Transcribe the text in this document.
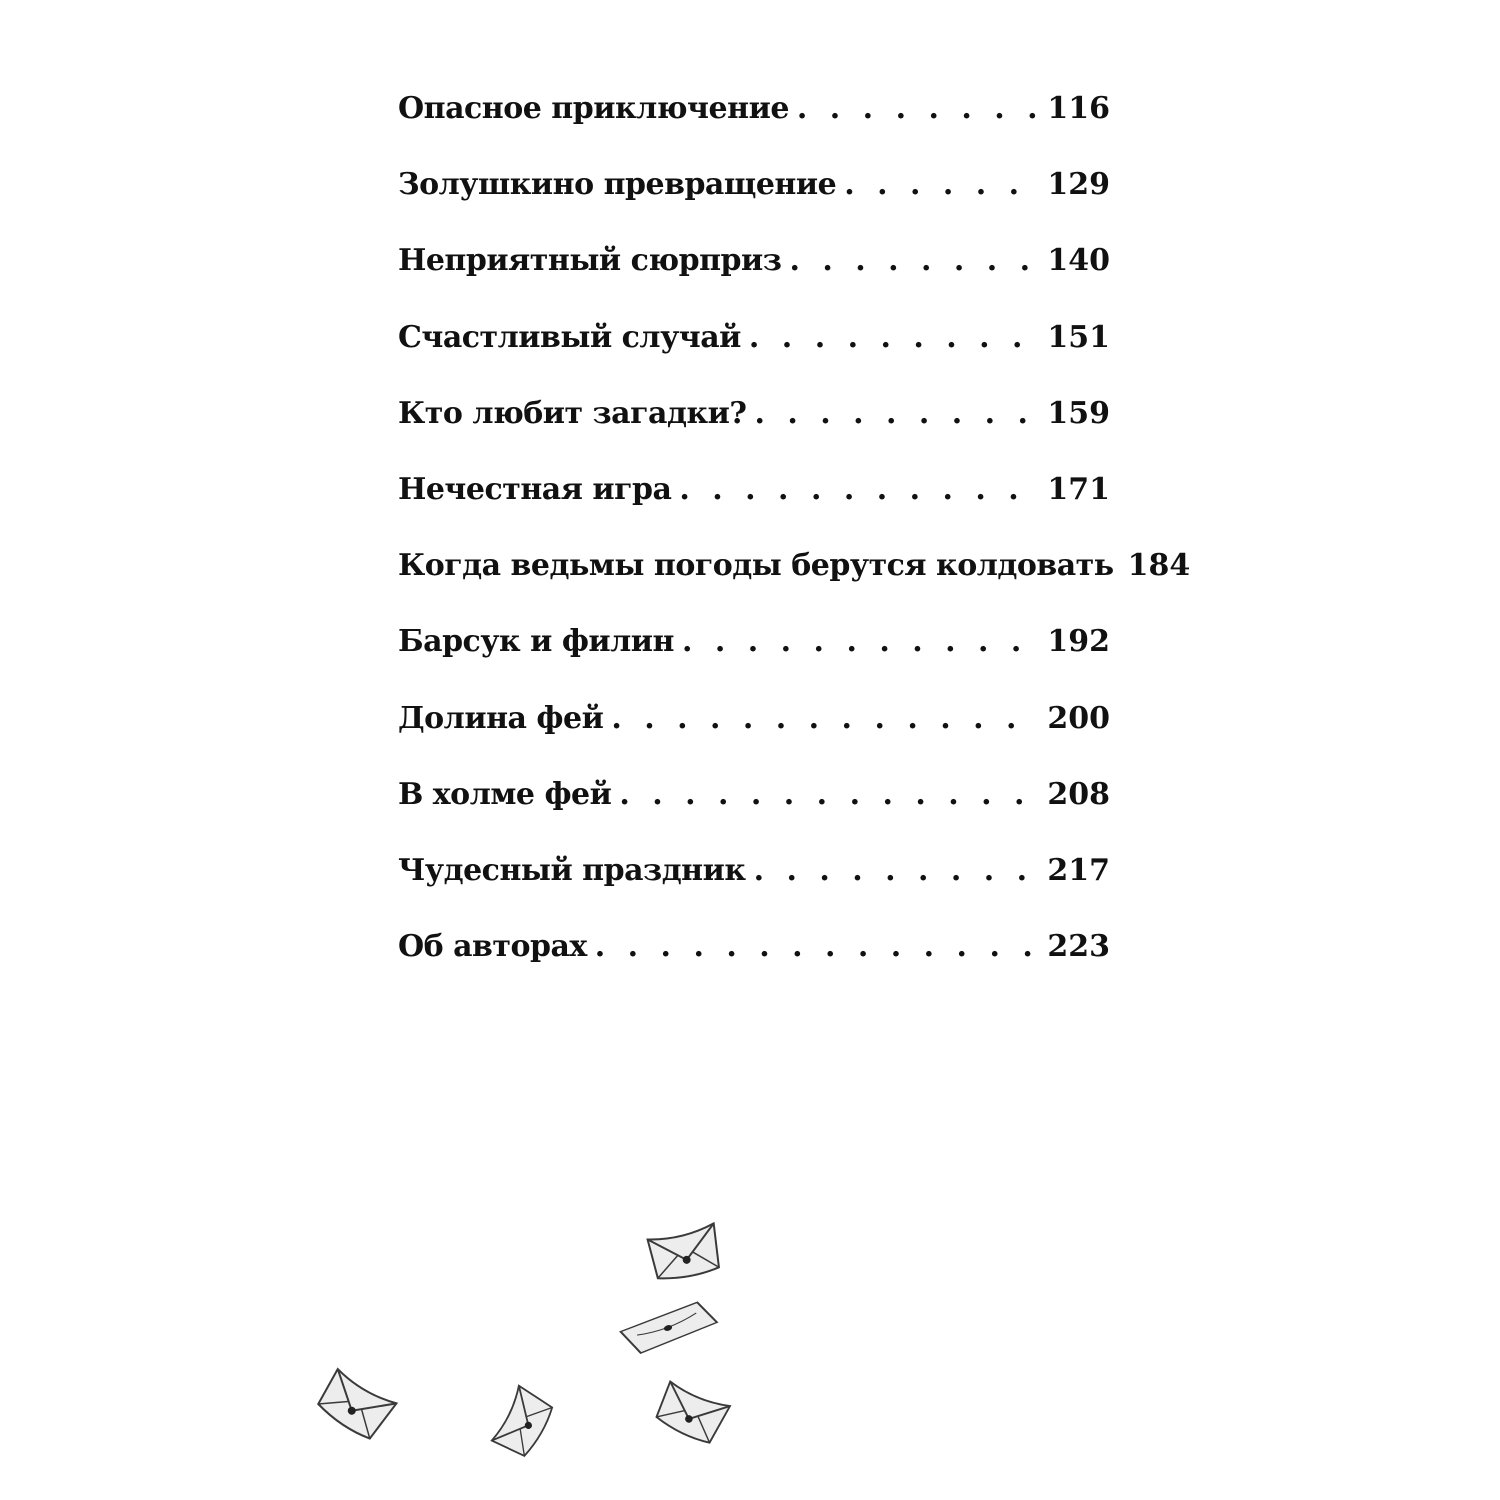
Опасное приключение . . .	116
Золушкино превращение . . .	129
Неприятный сюрприз . . .	140
Счастливый случай . . .	151
Кто любит загадки? . . .	159
Нечестная игра . . .	171
Когда ведьмы погоды берутся колдовать 184
Барсук и филин . . .	192
Долина фей . . .	200
В холме фей . . .	208
Чудесный праздник . . .	217
Об авторах . . .	223
